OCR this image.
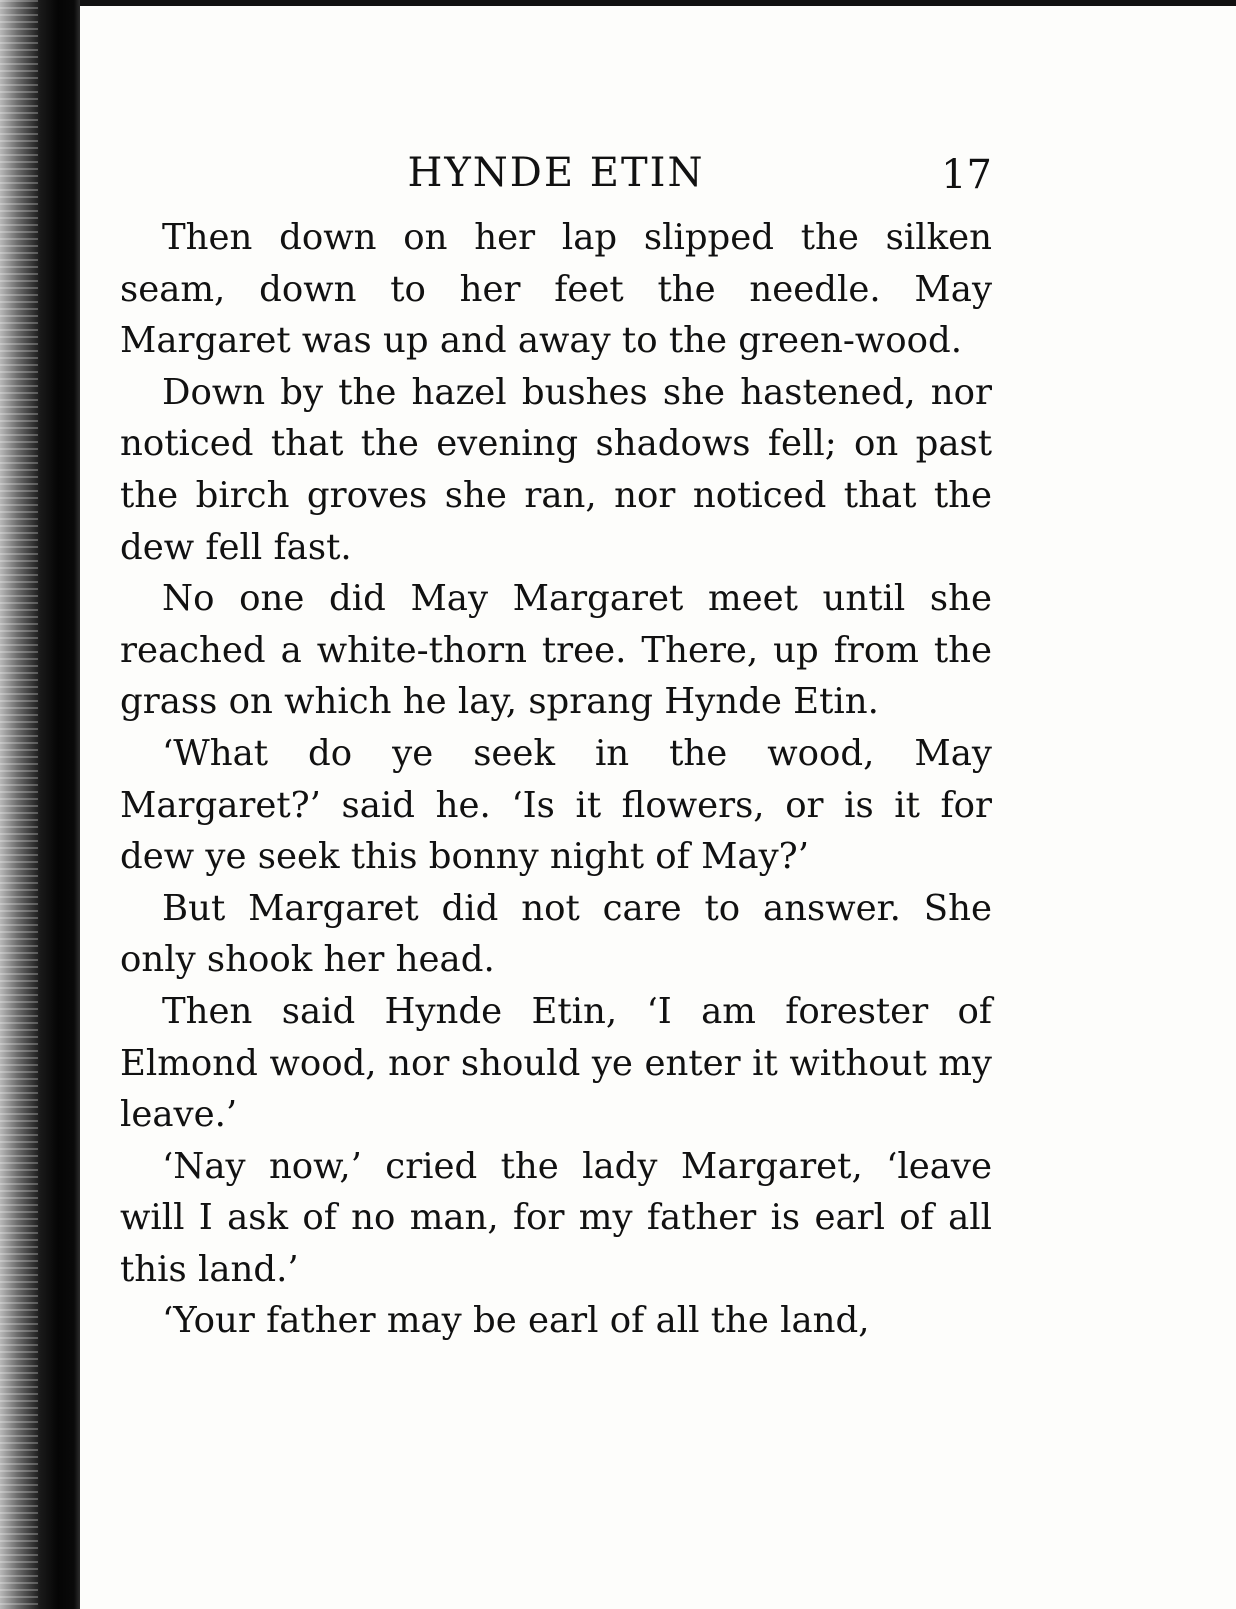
HYNDE ETIN	17

Then down on her lap slipped the silken seam, down to her feet the needle. May Margaret was up and away to the green-wood.

Down by the hazel bushes she hastened, nor noticed that the evening shadows fell; on past the birch groves she ran, nor noticed that the dew fell fast.

No one did May Margaret meet until she reached a white-thorn tree. There, up from the grass on which he lay, sprang Hynde Etin.

‘What do ye seek in the wood, May Margaret?’ said he. ‘Is it flowers, or is it for dew ye seek this bonny night of May?’

But Margaret did not care to answer. She only shook her head.

Then said Hynde Etin, ‘I am forester of Elmond wood, nor should ye enter it without my leave.’

‘Nay now,’ cried the lady Margaret, ‘leave will I ask of no man, for my father is earl of all this land.’

‘Your father may be earl of all the land,
